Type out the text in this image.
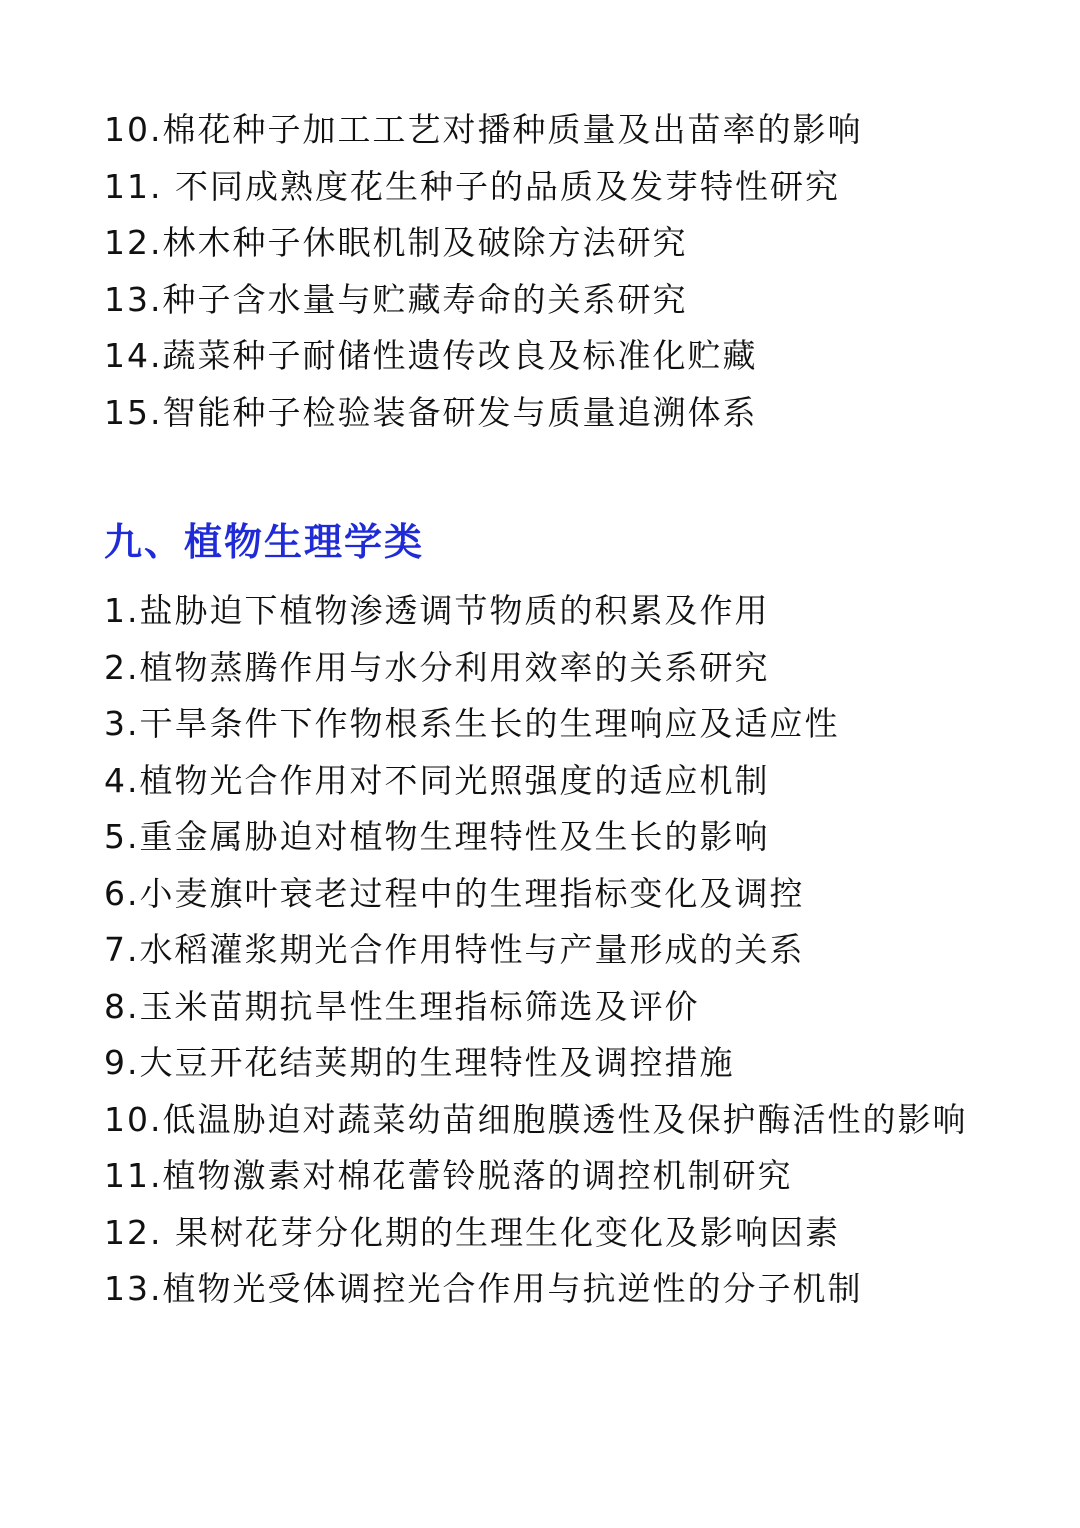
10.棉花种子加工工艺对播种质量及出苗率的影响
11. 不同成熟度花生种子的品质及发芽特性研究
12.林木种子休眠机制及破除方法研究
13.种子含水量与贮藏寿命的关系研究
14.蔬菜种子耐储性遗传改良及标准化贮藏
15.智能种子检验装备研发与质量追溯体系
九、植物生理学类
1.盐胁迫下植物渗透调节物质的积累及作用
2.植物蒸腾作用与水分利用效率的关系研究
3.干旱条件下作物根系生长的生理响应及适应性
4.植物光合作用对不同光照强度的适应机制
5.重金属胁迫对植物生理特性及生长的影响
6.小麦旗叶衰老过程中的生理指标变化及调控
7.水稻灌浆期光合作用特性与产量形成的关系
8.玉米苗期抗旱性生理指标筛选及评价
9.大豆开花结荚期的生理特性及调控措施
10.低温胁迫对蔬菜幼苗细胞膜透性及保护酶活性的影响
11.植物激素对棉花蕾铃脱落的调控机制研究
12. 果树花芽分化期的生理生化变化及影响因素
13.植物光受体调控光合作用与抗逆性的分子机制
